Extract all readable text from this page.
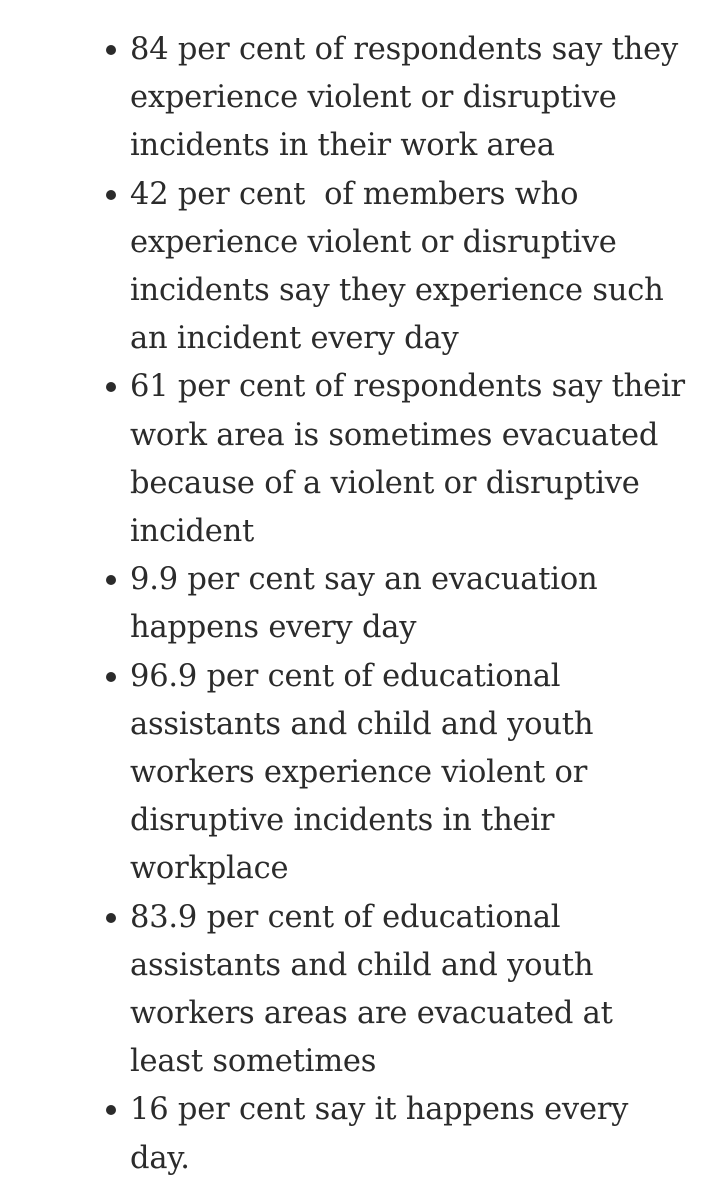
84 per cent of respondents say they experience violent or disruptive incidents in their work area
42 per cent  of members who experience violent or disruptive incidents say they experience such an incident every day
61 per cent of respondents say their work area is sometimes evacuated because of a violent or disruptive incident
9.9 per cent say an evacuation happens every day
96.9 per cent of educational assistants and child and youth workers experience violent or disruptive incidents in their workplace
83.9 per cent of educational assistants and child and youth workers areas are evacuated at least sometimes
16 per cent say it happens every day.
